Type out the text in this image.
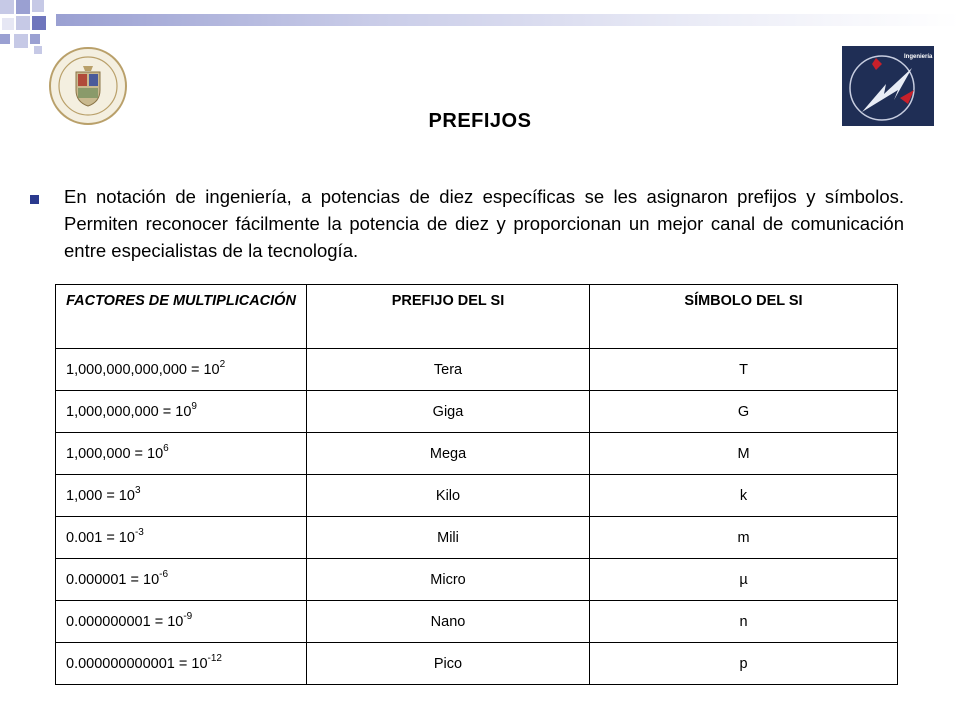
Ingeniería Eléctrica
PREFIJOS
En notación de ingeniería, a potencias de diez específicas se les asignaron prefijos y símbolos. Permiten reconocer fácilmente la potencia de diez y proporcionan un mejor canal de comunicación entre especialistas de la tecnología.
FACTORES DE MULTIPLICACIÓN	PREFIJO DEL SI	SÍMBOLO DEL SI
$1,000,000,000,000 = 10^2$	Tera	T
$1,000,000,000 = 10^9$	Giga	G
$1,000,000 = 10^6$	Mega	M
$1,000 = 10^3$	Kilo	k
$0.001 = 10^{-3}$	Mili	m
$0.000001 = 10^{-6}$	Micro	µ
$0.000000001 = 10^{-9}$	Nano	n
$0.000000000001 = 10^{-12}$	Pico	p
